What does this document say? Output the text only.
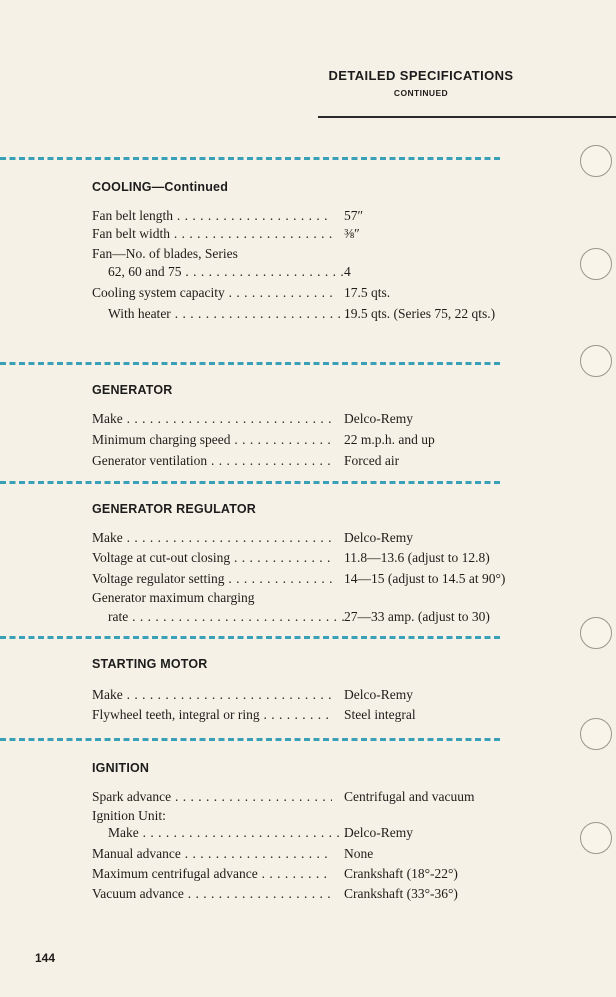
DETAILED SPECIFICATIONS
CONTINUED
COOLING—Continued
Fan belt length . . .	57″
Fan belt width . . .	⅜″
Fan—No. of blades, Series
62, 60 and 75 . . .	4
Cooling system capacity . . .	17.5 qts.
With heater . . .	19.5 qts. (Series 75, 22 qts.)
GENERATOR
Make . . .	Delco-Remy
Minimum charging speed . . .	22 m.p.h. and up
Generator ventilation . . .	Forced air
GENERATOR REGULATOR
Make . . .	Delco-Remy
Voltage at cut-out closing . . .	11.8—13.6 (adjust to 12.8)
Voltage regulator setting . . .	14—15 (adjust to 14.5 at 90°)
Generator maximum charging
rate . . .	27—33 amp. (adjust to 30)
STARTING MOTOR
Make . . .	Delco-Remy
Flywheel teeth, integral or ring . . .	Steel integral
IGNITION
Spark advance . . .	Centrifugal and vacuum
Ignition Unit:
Make . . .	Delco-Remy
Manual advance . . .	None
Maximum centrifugal advance . . .	Crankshaft (18°-22°)
Vacuum advance . . .	Crankshaft (33°-36°)
144
